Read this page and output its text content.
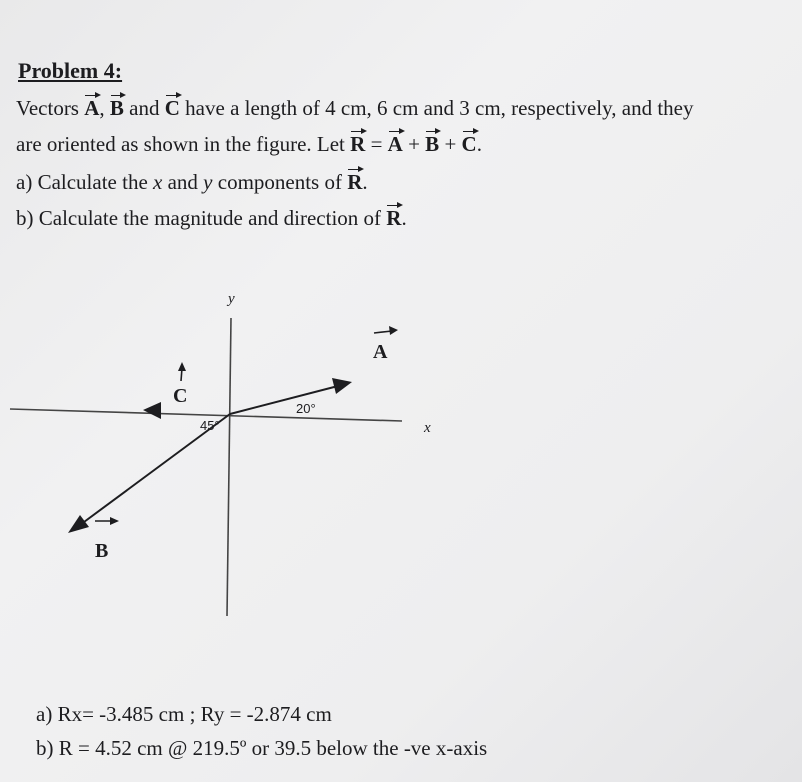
Problem 4:
Vectors A, B and C have a length of 4 cm, 6 cm and 3 cm, respectively, and they
are oriented as shown in the figure. Let R = A + B + C.
a) Calculate the x and y components of R.
b) Calculate the magnitude and direction of R.
y
x
A
C
B
20°
45°
a) Rx= -3.485 cm ; Ry = -2.874 cm
b) R = 4.52 cm @ 219.5º or 39.5 below the -ve x-axis
